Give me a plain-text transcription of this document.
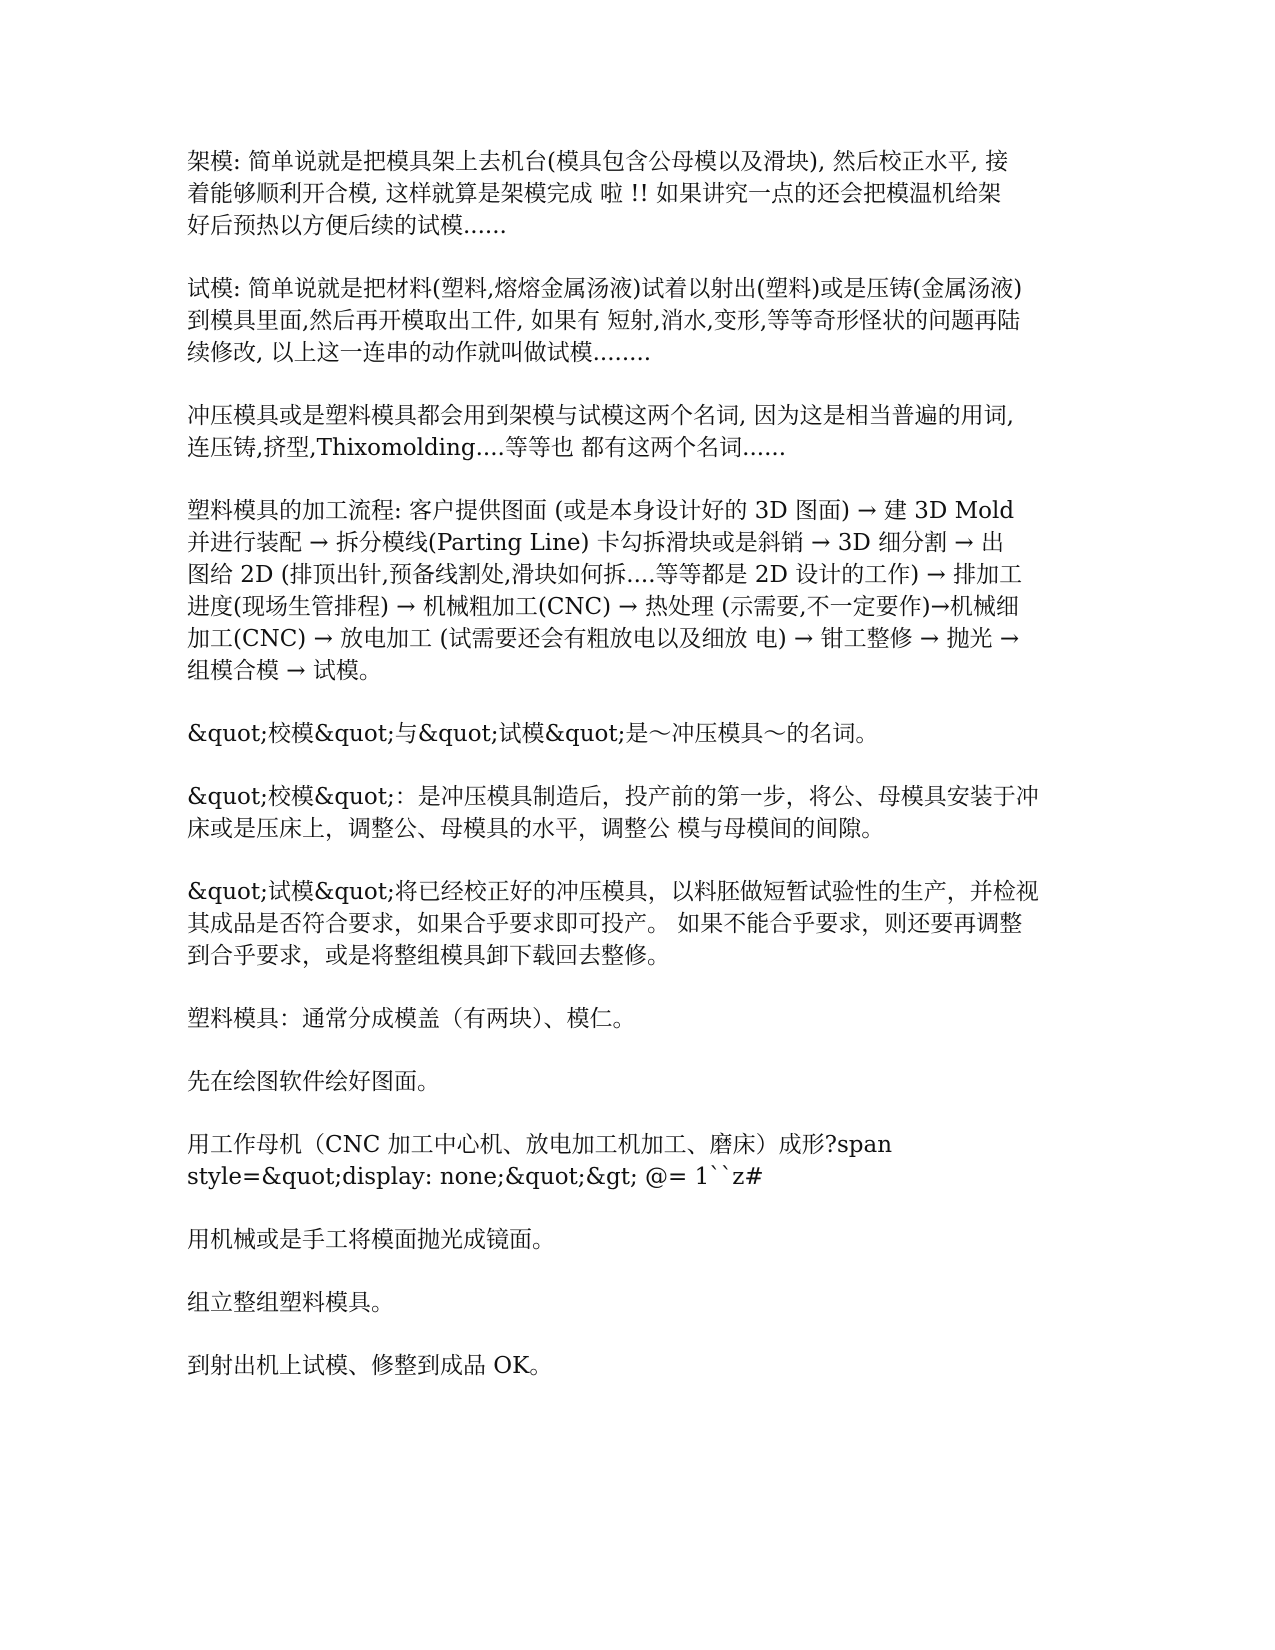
架模: 简单说就是把模具架上去机台(模具包含公母模以及滑块), 然后校正水平, 接
着能够顺利开合模, 这样就算是架模完成 啦 !! 如果讲究一点的还会把模温机给架
好后预热以方便后续的试模......

试模: 简单说就是把材料(塑料,熔熔金属汤液)试着以射出(塑料)或是压铸(金属汤液)
到模具里面,然后再开模取出工件, 如果有 短射,消水,变形,等等奇形怪状的问题再陆
续修改, 以上这一连串的动作就叫做试模........

冲压模具或是塑料模具都会用到架模与试模这两个名词, 因为这是相当普遍的用词,
连压铸,挤型,Thixomolding....等等也 都有这两个名词......

塑料模具的加工流程: 客户提供图面 (或是本身设计好的 3D 图面) → 建 3D Mold
并进行装配 → 拆分模线(Parting Line) 卡勾拆滑块或是斜销 → 3D 细分割 → 出
图给 2D (排顶出针,预备线割处,滑块如何拆....等等都是 2D 设计的工作) → 排加工
进度(现场生管排程) → 机械粗加工(CNC) → 热处理 (示需要,不一定要作)→机械细
加工(CNC) → 放电加工 (试需要还会有粗放电以及细放 电) → 钳工整修 → 抛光 →
组模合模 → 试模。

&quot;校模&quot;与&quot;试模&quot;是～冲压模具～的名词。

&quot;校模&quot;：是冲压模具制造后，投产前的第一步，将公、母模具安装于冲
床或是压床上，调整公、母模具的水平，调整公 模与母模间的间隙。

&quot;试模&quot;将已经校正好的冲压模具，以料胚做短暂试验性的生产，并检视
其成品是否符合要求，如果合乎要求即可投产。 如果不能合乎要求，则还要再调整
到合乎要求，或是将整组模具卸下载回去整修。

塑料模具：通常分成模盖（有两块）、模仁。

先在绘图软件绘好图面。

用工作母机（CNC 加工中心机、放电加工机加工、磨床）成形?span
style=&quot;display: none;&quot;&gt; @= 1``z#

用机械或是手工将模面抛光成镜面。

组立整组塑料模具。

到射出机上试模、修整到成品 OK。
